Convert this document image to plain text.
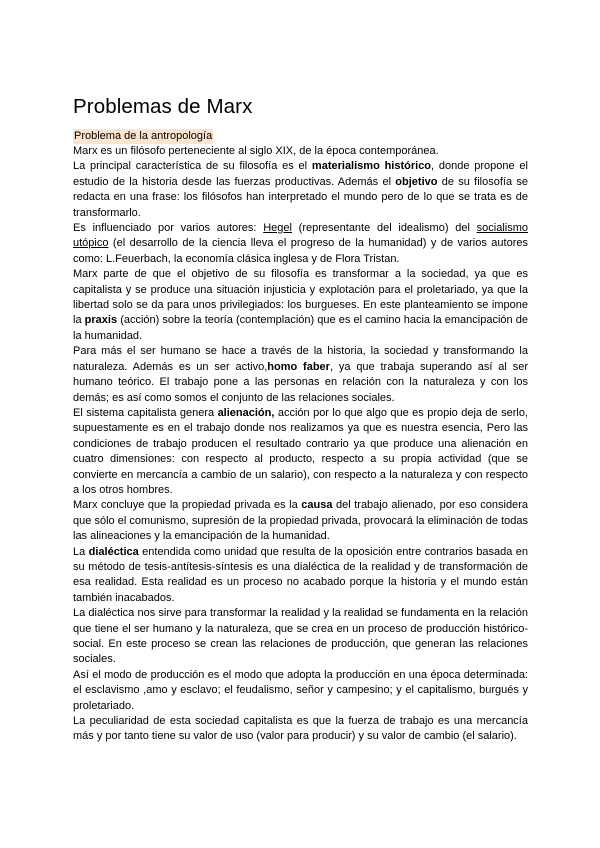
Problemas de Marx
Problema de la antropología

Marx es un filósofo perteneciente al siglo XIX, de la época contemporánea.

La principal característica de su filosofía es el materialismo histórico, donde propone el estudio de la historia desde las fuerzas productivas. Además el objetivo de su filosofía se redacta en una frase: los filósofos han interpretado el mundo pero de lo que se trata es de transformarlo.

Es influenciado por varios autores: Hegel (representante del idealismo) del socialismo utópico (el desarrollo de la ciencia lleva el progreso de la humanidad) y de varios autores como: L.Feuerbach, la economía clásica inglesa y de Flora Tristan.

Marx parte de que el objetivo de su filosofía es transformar a la sociedad, ya que es capitalista y se produce una situación injusticia y explotación para el proletariado, ya que la libertad solo se da para unos privilegiados: los burgueses. En este planteamiento se impone la praxis (acción) sobre la teoría (contemplación) que es el camino hacia la emancipación de la humanidad.

Para más el ser humano se hace a través de la historia, la sociedad y transformando la naturaleza. Además es un ser activo,homo faber, ya que trabaja superando así al ser humano teórico. El trabajo pone a las personas en relación con la naturaleza y con los demás; es así como somos el conjunto de las relaciones sociales.

El sistema capitalista genera alienación, acción por lo que algo que es propio deja de serlo, supuestamente es en el trabajo donde nos realizamos ya que es nuestra esencia, Pero las condiciones de trabajo producen el resultado contrario ya que produce una alienación en cuatro dimensiones: con respecto al producto, respecto a su propia actividad (que se convierte en mercancía a cambio de un salario), con respecto a la naturaleza y con respecto a los otros hombres.

Marx concluye que la propiedad privada es la causa del trabajo alienado, por eso considera que sólo el comunismo, supresión de la propiedad privada, provocará la eliminación de todas las alineaciones y la emancipación de la humanidad.

La dialéctica entendida como unidad que resulta de la oposición entre contrarios basada en su método de tesis-antítesis-síntesis es una dialéctica de la realidad y de transformación de esa realidad. Esta realidad es un proceso no acabado porque la historia y el mundo están también inacabados.

La dialéctica nos sirve para transformar la realidad y la realidad se fundamenta en la relación que tiene el ser humano y la naturaleza, que se crea en un proceso de producción histórico-social. En este proceso se crean las relaciones de producción, que generan las relaciones sociales.

Así el modo de producción es el modo que adopta la producción en una época determinada: el esclavismo ,amo y esclavo; el feudalismo, señor y campesino; y el capitalismo, burgués y proletariado.

La peculiaridad de esta sociedad capitalista es que la fuerza de trabajo es una mercancía más y por tanto tiene su valor de uso (valor para producir) y su valor de cambio (el salario).
